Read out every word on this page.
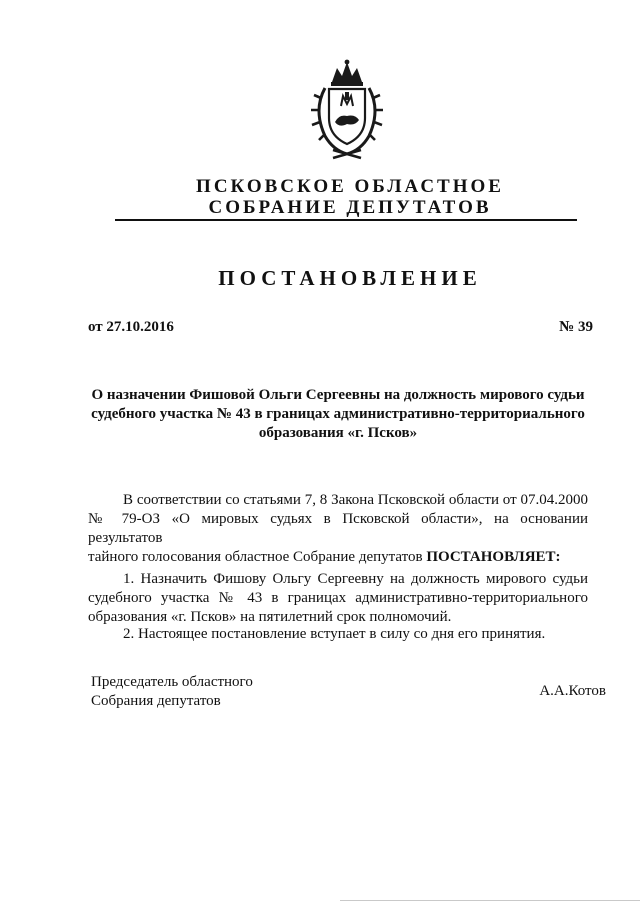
ПСКОВСКОЕ ОБЛАСТНОЕ
СОБРАНИЕ ДЕПУТАТОВ
ПОСТАНОВЛЕНИЕ
от 27.10.2016	№ 39
О назначении Фишовой Ольги Сергеевны на должность мирового судьи судебного участка № 43 в границах административно-территориального образования «г. Псков»
В соответствии со статьями 7, 8 Закона Псковской области от 07.04.2000
№ 79-ОЗ «О мировых судьях в Псковской области», на основании результатов
тайного голосования областное Собрание депутатов ПОСТАНОВЛЯЕТ:
1. Назначить Фишову Ольгу Сергеевну на должность мирового судьи судебного участка № 43 в границах административно-территориального образования «г. Псков» на пятилетний срок полномочий.
2. Настоящее постановление вступает в силу со дня его принятия.
Председатель областного
Собрания депутатов
А.А.Котов
